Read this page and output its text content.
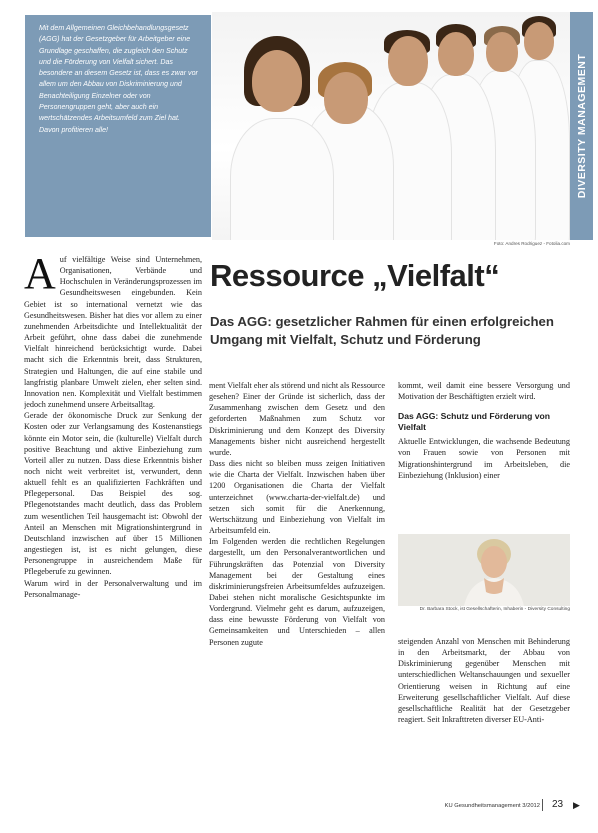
Mit dem Allgemeinen Gleichbehandlungsgesetz (AGG) hat der Gesetzgeber für Arbeitgeber eine Grundlage geschaffen, die zugleich den Schutz und die Förderung von Vielfalt sichert. Das besondere an diesem Gesetz ist, dass es zwar vor allem um den Abbau von Diskriminierung und Benachteiligung Einzelner oder von Personengruppen geht, aber auch ein wertschätzendes Arbeitsumfeld zum Ziel hat. Davon profitieren alle!

Foto: Andres Rodriguez - Fotolia.com
DIVERSITY MANAGEMENT
A uf vielfältige Weise sind Unternehmen, Organisationen, Verbände und Hochschulen in Veränderungsprozessen im Gesundheitswesen eingebunden. Kein Gebiet ist so international vernetzt wie das Gesundheitswesen. Bisher hat dies vor allem zu einer zunehmenden Arbeitsdichte und Intellektualität der Arbeit geführt, ohne dass dabei die zunehmende Vielfalt hinreichend berücksichtigt wurde. Dabei macht sich die Erkenntnis breit, dass Strukturen, Strategien und Haltungen, die auf eine stabile und langfristig planbare Umwelt zielen, eher selten sind. Innovation nen. Komplexität und Vielfalt bestimmen jedoch zunehmend unsere Arbeitsalltag.

Gerade der ökonomische Druck zur Senkung der Kosten oder zur Verlangsamung des Kostenanstiegs könnte ein Motor sein, die (kulturelle) Vielfalt durch positive Beachtung und aktive Einbeziehung zum Vorteil aller zu nutzen. Dass diese Erkenntnis bisher noch nicht weit verbreitet ist, verwundert, denn aktuell fehlt es an qualifizierten Fachkräften und Pflegepersonal. Das Beispiel des sog. Pflegenotstandes macht deutlich, dass das Problem zum wesentlichen Teil hausgemacht ist: Obwohl der Anteil an Menschen mit Migrationshintergrund in Deutschland inzwischen auf über 15 Millionen angestiegen ist, ist es nicht gelungen, diese Personengruppe in ausreichendem Maße für Pflegeberufe zu gewinnen.

Warum wird in der Personalverwaltung und im Personalmanage-

Ressource „Vielfalt“
Das AGG: gesetzlicher Rahmen für einen erfolgreichen Umgang mit Vielfalt, Schutz und Förderung

ment Vielfalt eher als störend und nicht als Ressource gesehen? Einer der Gründe ist sicherlich, dass der Zusammenhang zwischen dem Gesetz und den geforderten Maßnahmen zum Schutz vor Diskriminierung und dem Konzept des Diversity Managements bisher nicht ausreichend hergestellt wurde.

Dass dies nicht so bleiben muss zeigen Initiativen wie die Charta der Vielfalt. Inzwischen haben über 1200 Organisationen die Charta der Vielfalt unterzeichnet (www.charta-der-vielfalt.de) und setzen sich somit für die Anerkennung, Wertschätzung und Einbeziehung von Vielfalt im Arbeitsumfeld ein.

Im Folgenden werden die rechtlichen Regelungen dargestellt, um den Personalverantwortlichen und Führungskräften das Potenzial von Diversity Management bei der Gestaltung eines diskriminierungsfreien Arbeitsumfeldes aufzuzeigen. Dabei stehen nicht moralische Gesichtspunkte im Vordergrund. Vielmehr geht es darum, aufzuzeigen, dass eine bewusste Förderung von Vielfalt von Gemeinsamkeiten und Unterschieden – allen Personen zugute

kommt, weil damit eine bessere Versorgung und Motivation der Beschäftigten erzielt wird.

Das AGG: Schutz und Förderung von Vielfalt

Aktuelle Entwicklungen, die wachsende Bedeutung von Frauen sowie von Personen mit Migrationshintergrund im Arbeitsleben, die Einbeziehung (Inklusion) einer

Dr. Barbara Stock, ist Gesellschafterin, Inhaberin - Diversity Consulting

steigenden Anzahl von Menschen mit Behinderung in den Arbeitsmarkt, der Abbau von Diskriminierung gegenüber Menschen mit unterschiedlichen Weltanschauungen und sexueller Orientierung weisen in Richtung auf eine Erweiterung gesellschaftlicher Vielfalt. Auf diese gesellschaftliche Realität hat der Gesetzgeber reagiert. Seit Inkrafttreten diverser EU-Anti-

▶
KU Gesundheitsmanagement 3/2012 23
